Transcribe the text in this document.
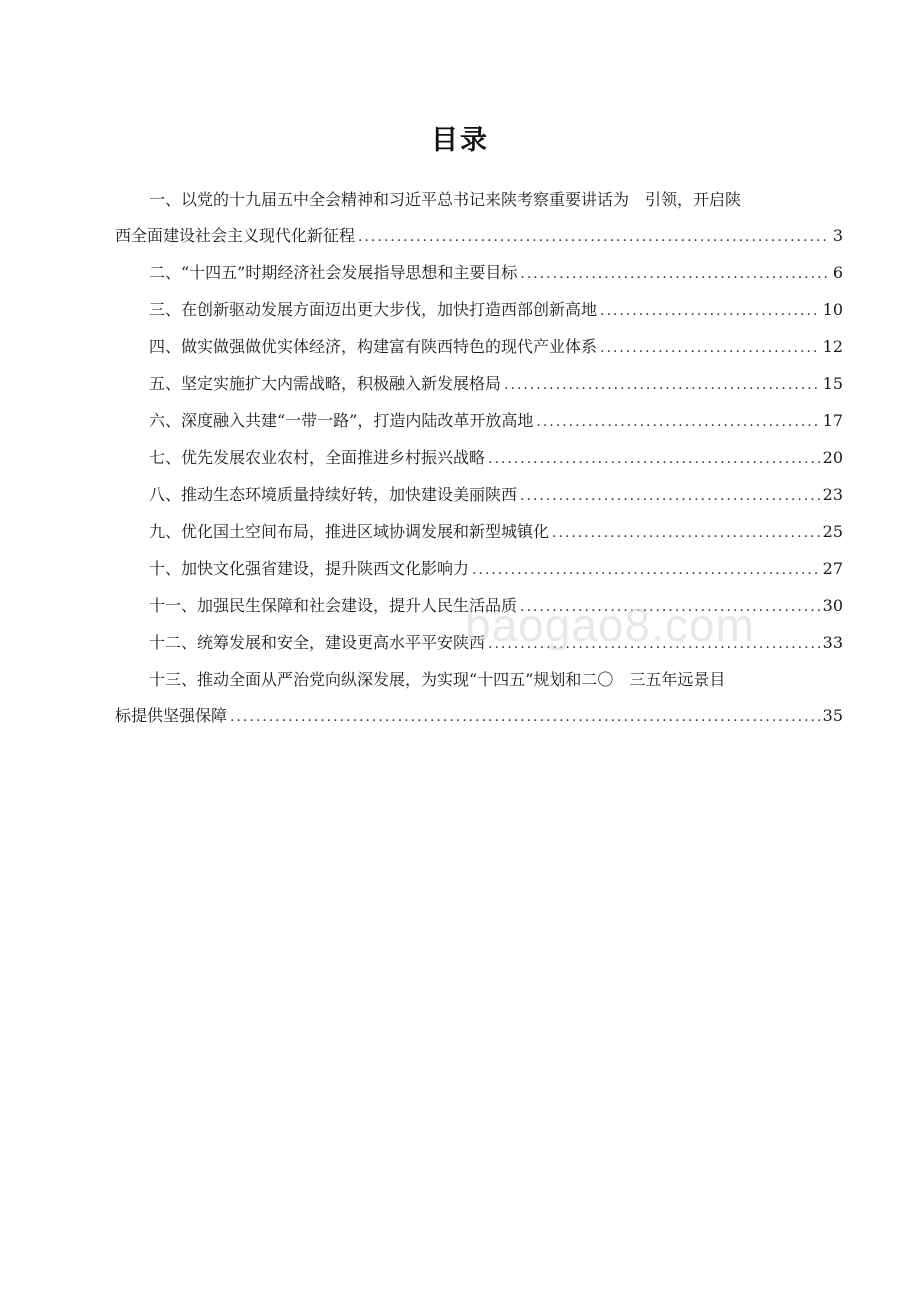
目录
一、以党的十九届五中全会精神和习近平总书记来陕考察重要讲话为　引领，开启陕
西全面建设社会主义现代化新征程 .....	3
二、“十四五”时期经济社会发展指导思想和主要目标 .....	6
三、在创新驱动发展方面迈出更大步伐，加快打造西部创新高地 .....	10
四、做实做强做优实体经济，构建富有陕西特色的现代产业体系 .....	12
五、坚定实施扩大内需战略，积极融入新发展格局 .....	15
六、深度融入共建“一带一路”，打造内陆改革开放高地 .....	17
七、优先发展农业农村，全面推进乡村振兴战略 .....	20
八、推动生态环境质量持续好转，加快建设美丽陕西 .....	23
九、优化国土空间布局，推进区域协调发展和新型城镇化 .....	25
十、加快文化强省建设，提升陕西文化影响力 .....	27
十一、加强民生保障和社会建设，提升人民生活品质 .....	30
十二、统筹发展和安全，建设更高水平平安陕西 .....	33
十三、推动全面从严治党向纵深发展，为实现“十四五”规划和二〇　三五年远景目
标提供坚强保障 .....	35
baogao8.com
